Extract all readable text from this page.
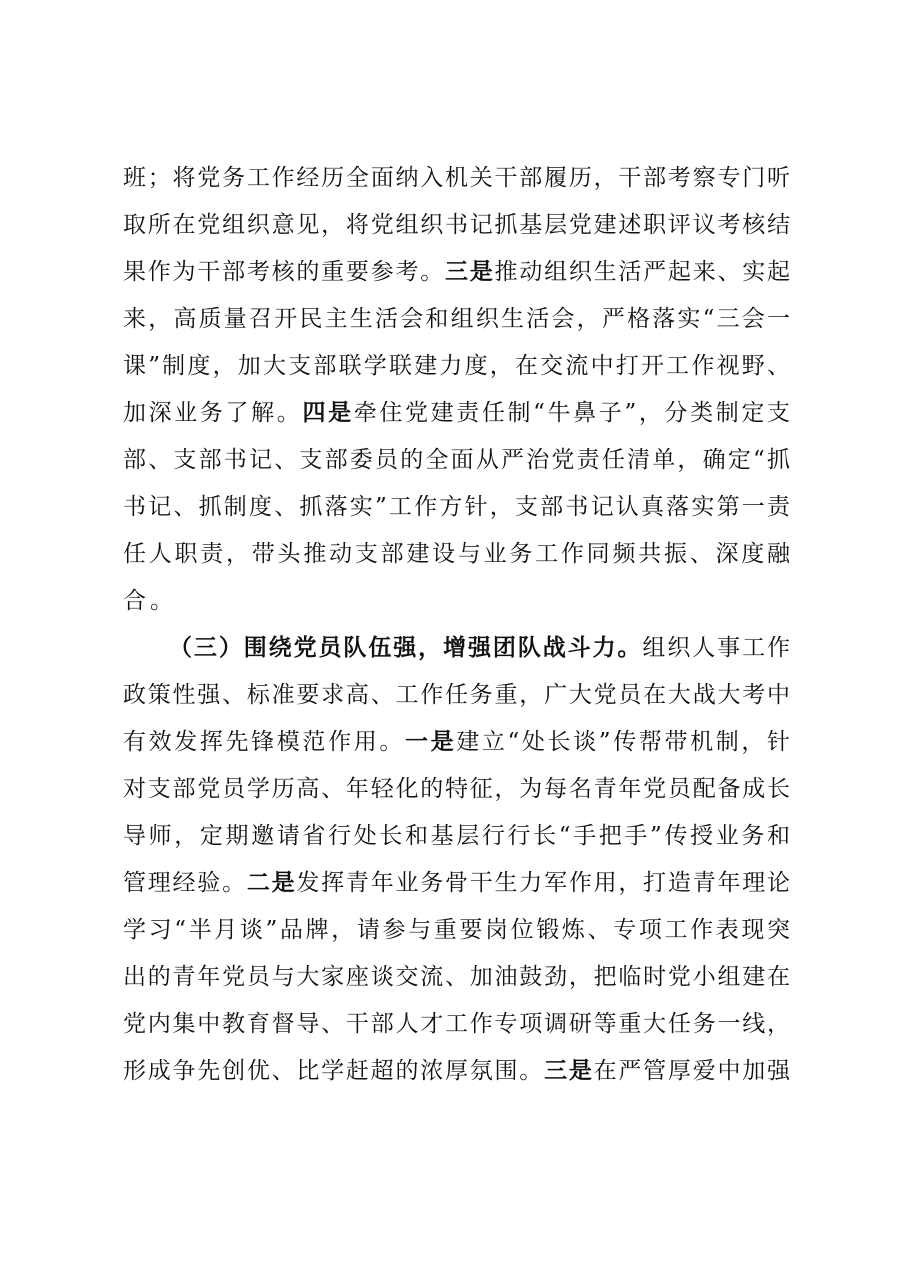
班；将党务工作经历全面纳入机关干部履历，干部考察专门听
取所在党组织意见，将党组织书记抓基层党建述职评议考核结
果作为干部考核的重要参考。三是推动组织生活严起来、实起
来，高质量召开民主生活会和组织生活会，严格落实“三会一
课”制度，加大支部联学联建力度，在交流中打开工作视野、
加深业务了解。四是牵住党建责任制“牛鼻子”，分类制定支
部、支部书记、支部委员的全面从严治党责任清单，确定“抓
书记、抓制度、抓落实”工作方针，支部书记认真落实第一责
任人职责，带头推动支部建设与业务工作同频共振、深度融
合。
（三）围绕党员队伍强，增强团队战斗力。组织人事工作
政策性强、标准要求高、工作任务重，广大党员在大战大考中
有效发挥先锋模范作用。一是建立“处长谈”传帮带机制，针
对支部党员学历高、年轻化的特征，为每名青年党员配备成长
导师，定期邀请省行处长和基层行行长“手把手”传授业务和
管理经验。二是发挥青年业务骨干生力军作用，打造青年理论
学习“半月谈”品牌，请参与重要岗位锻炼、专项工作表现突
出的青年党员与大家座谈交流、加油鼓劲，把临时党小组建在
党内集中教育督导、干部人才工作专项调研等重大任务一线，
形成争先创优、比学赶超的浓厚氛围。三是在严管厚爱中加强
